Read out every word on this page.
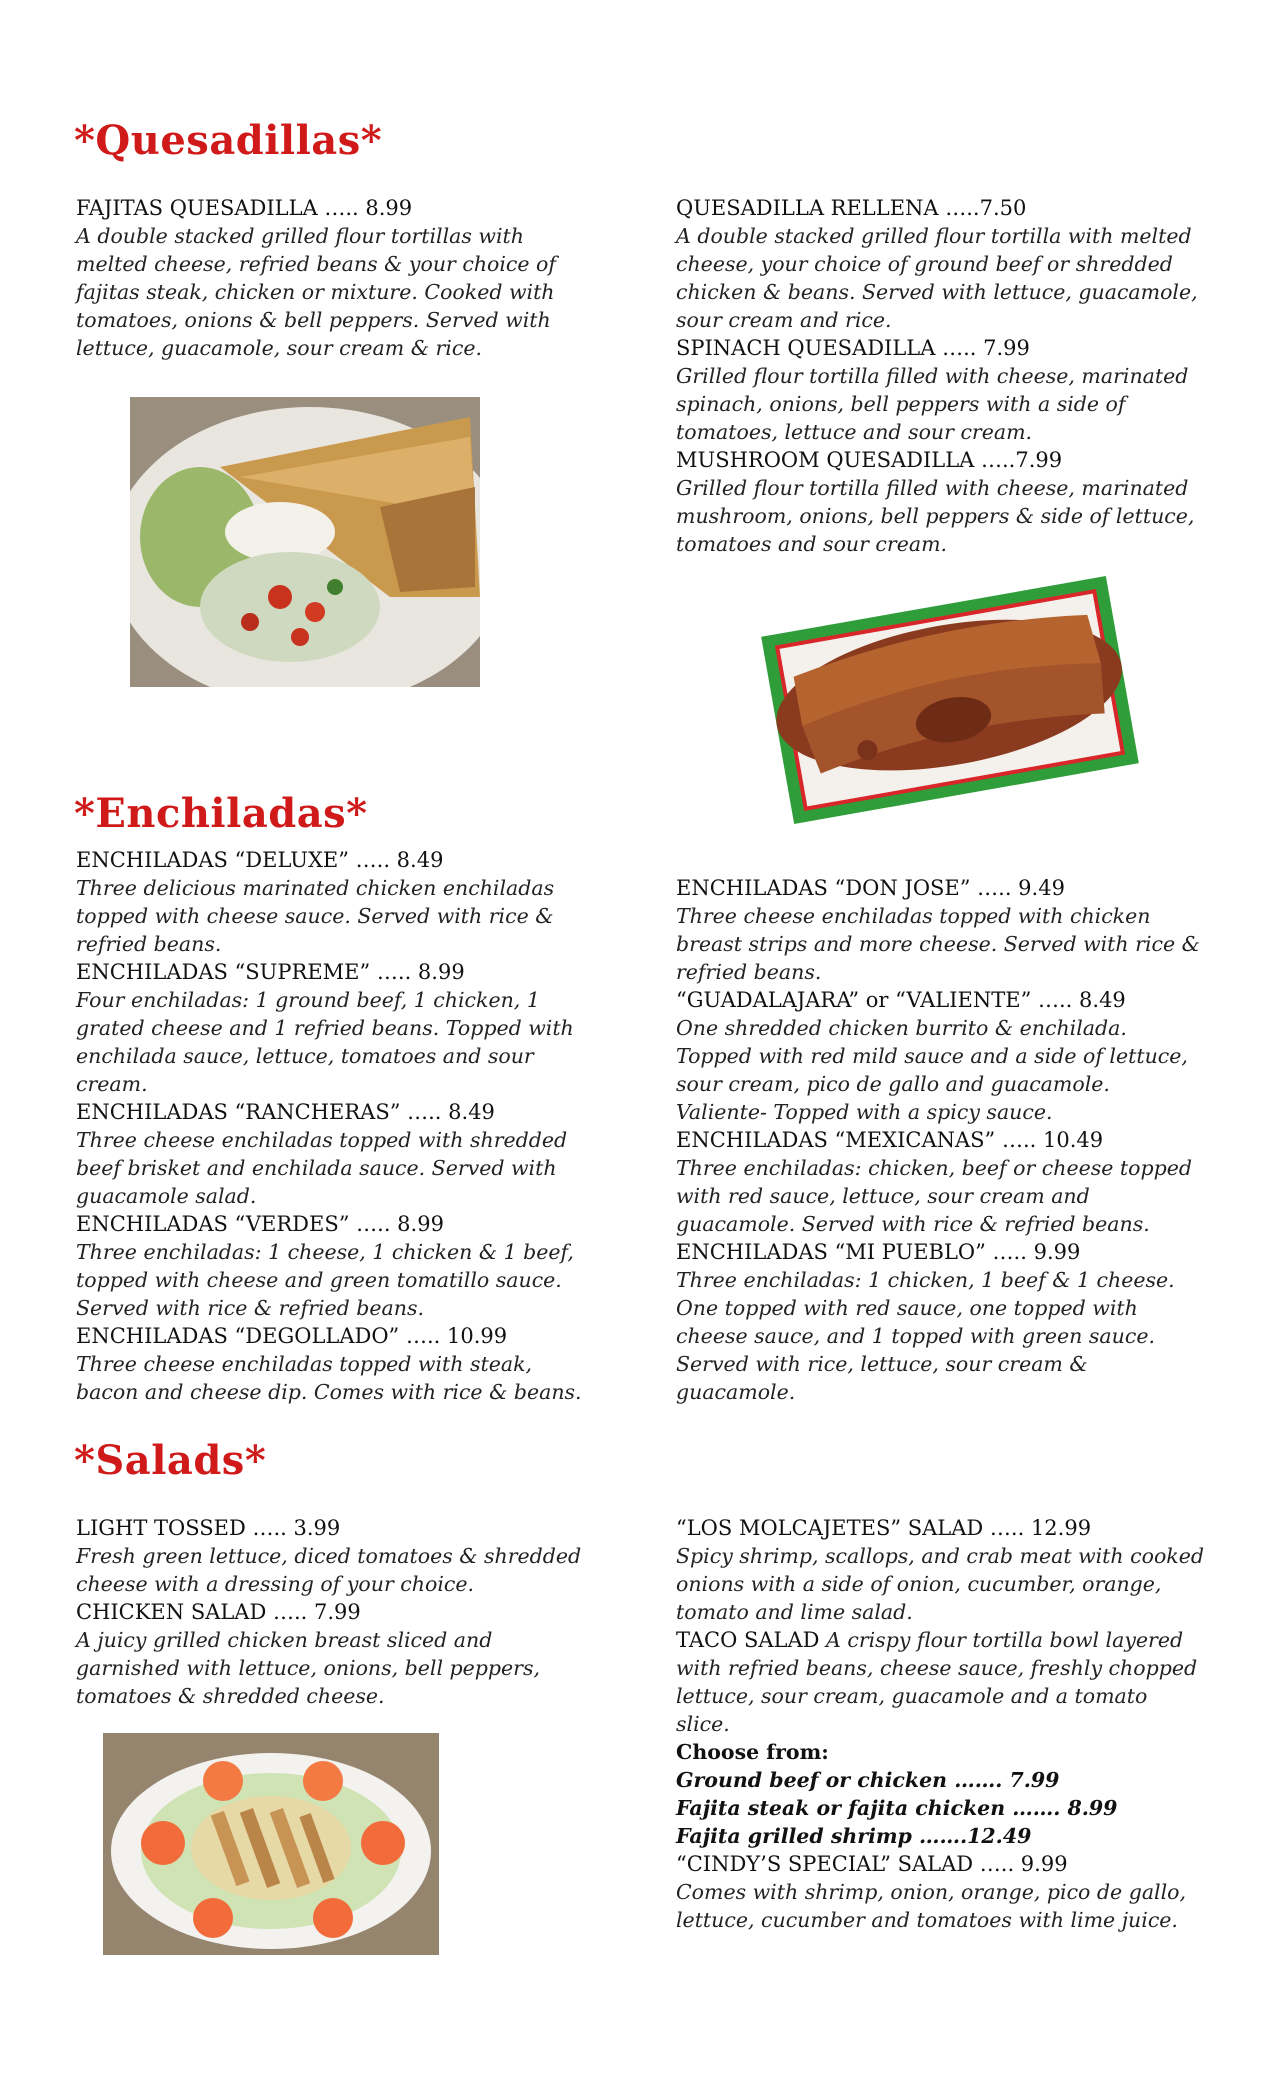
*Quesadillas*
FAJITAS QUESADILLA ….. 8.99
A double stacked grilled flour tortillas with melted cheese, refried beans & your choice of fajitas steak, chicken or mixture. Cooked with tomatoes, onions & bell peppers. Served with lettuce, guacamole, sour cream & rice.
QUESADILLA RELLENA …..7.50
A double stacked grilled flour tortilla with melted cheese, your choice of ground beef or shredded chicken & beans. Served with lettuce, guacamole, sour cream and rice.
SPINACH QUESADILLA ….. 7.99
Grilled flour tortilla filled with cheese, marinated spinach, onions, bell peppers with a side of tomatoes, lettuce and sour cream.
MUSHROOM QUESADILLA …..7.99
Grilled flour tortilla filled with cheese, marinated mushroom, onions, bell peppers & side of lettuce, tomatoes and sour cream.
*Enchiladas*
ENCHILADAS “DELUXE” ….. 8.49
Three delicious marinated chicken enchiladas topped with cheese sauce. Served with rice & refried beans.
ENCHILADAS “SUPREME” ….. 8.99
Four enchiladas: 1 ground beef, 1 chicken, 1 grated cheese and 1 refried beans. Topped with enchilada sauce, lettuce, tomatoes and sour cream.
ENCHILADAS “RANCHERAS” ….. 8.49
Three cheese enchiladas topped with shredded beef brisket and enchilada sauce. Served with guacamole salad.
ENCHILADAS “VERDES” ….. 8.99
Three enchiladas: 1 cheese, 1 chicken & 1 beef, topped with cheese and green tomatillo sauce. Served with rice & refried beans.
ENCHILADAS “DEGOLLADO” ….. 10.99
Three cheese enchiladas topped with steak, bacon and cheese dip. Comes with rice & beans.
ENCHILADAS “DON JOSE” ….. 9.49
Three cheese enchiladas topped with chicken breast strips and more cheese. Served with rice & refried beans.
“GUADALAJARA” or “VALIENTE” ….. 8.49
One shredded chicken burrito & enchilada. Topped with red mild sauce and a side of lettuce, sour cream, pico de gallo and guacamole.
Valiente- Topped with a spicy sauce.
ENCHILADAS “MEXICANAS” ….. 10.49
Three enchiladas: chicken, beef or cheese topped with red sauce, lettuce, sour cream and guacamole. Served with rice & refried beans.
ENCHILADAS “MI PUEBLO” ….. 9.99
Three enchiladas: 1 chicken, 1 beef & 1 cheese. One topped with red sauce, one topped with cheese sauce, and 1 topped with green sauce. Served with rice, lettuce, sour cream & guacamole.
*Salads*
LIGHT TOSSED ….. 3.99
Fresh green lettuce, diced tomatoes & shredded cheese with a dressing of your choice.
CHICKEN SALAD ….. 7.99
A juicy grilled chicken breast sliced and garnished with lettuce, onions, bell peppers, tomatoes & shredded cheese.
“LOS MOLCAJETES” SALAD ….. 12.99
Spicy shrimp, scallops, and crab meat with cooked onions with a side of onion, cucumber, orange, tomato and lime salad.
TACO SALAD A crispy flour tortilla bowl layered with refried beans, cheese sauce, freshly chopped lettuce, sour cream, guacamole and a tomato slice.
Choose from:
Ground beef or chicken ……. 7.99
Fajita steak or fajita chicken ……. 8.99
Fajita grilled shrimp …….12.49
“CINDY’S SPECIAL” SALAD ….. 9.99
Comes with shrimp, onion, orange, pico de gallo, lettuce, cucumber and tomatoes with lime juice.
